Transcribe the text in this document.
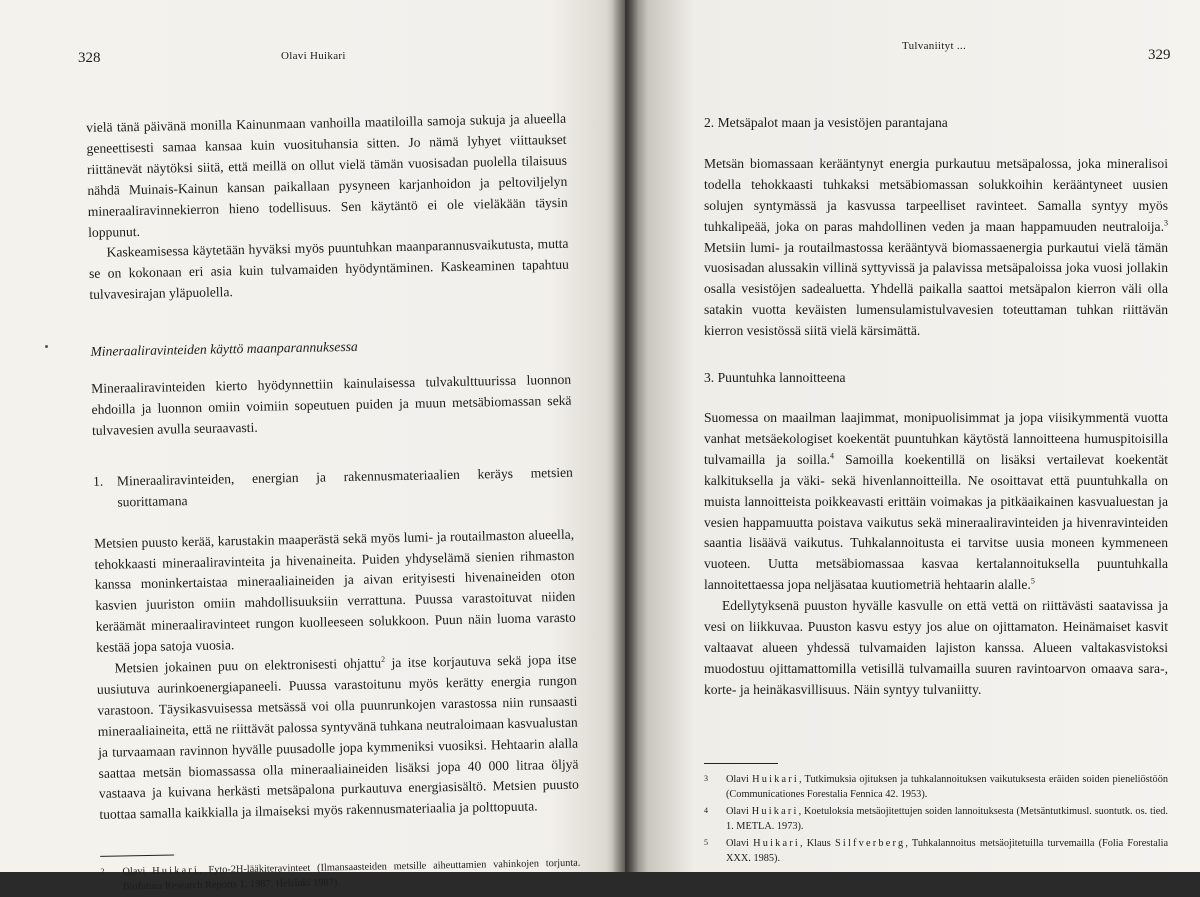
328	Olavi Huikari

vielä tänä päivänä monilla Kainunmaan vanhoilla maatiloilla samoja sukuja ja alueella geneettisesti samaa kansaa kuin vuosituhansia sitten. Jo nämä lyhyet viittaukset riittänevät näytöksi siitä, että meillä on ollut vielä tämän vuosisadan puolella tilaisuus nähdä Muinais-Kainun kansan paikallaan pysyneen karjanhoidon ja peltoviljelyn mineraaliravinnekierron hieno todellisuus. Sen käytäntö ei ole vieläkään täysin loppunut.

Kaskeamisessa käytetään hyväksi myös puuntuhkan maanparannusvaikutusta, mutta se on kokonaan eri asia kuin tulvamaiden hyödyntäminen. Kaskeaminen tapahtuu tulvavesirajan yläpuolella.

Mineraaliravinteiden käyttö maanparannuksessa

Mineraaliravinteiden kierto hyödynnettiin kainulaisessa tulvakulttuurissa luonnon ehdoilla ja luonnon omiin voimiin sopeutuen puiden ja muun metsäbiomassan sekä tulvavesien avulla seuraavasti.

1. Mineraaliravinteiden, energian ja rakennusmateriaalien keräys metsien suorittamana

Metsien puusto kerää, karustakin maaperästä sekä myös lumi- ja routailmaston alueella, tehokkaasti mineraaliravinteita ja hivenaineita. Puiden yhdyselämä sienien rihmaston kanssa moninkertaistaa mineraaliaineiden ja aivan erityisesti hivenaineiden oton kasvien juuriston omiin mahdollisuuksiin verrattuna. Puussa varastoituvat niiden keräämät mineraaliravinteet rungon kuolleeseen solukkoon. Puun näin luoma varasto kestää jopa satoja vuosia.

Metsien jokainen puu on elektronisesti ohjattu$^2$ ja itse korjautuva sekä jopa itse uusiutuva aurinkoenergiapaneeli. Puussa varastoitunu myös kerätty energia rungon varastoon. Täysikasvuisessa metsässä voi olla puunrunkojen varastossa niin runsaasti mineraaliaineita, että ne riittävät palossa syntyvänä tuhkana neutraloimaan kasvualustan ja turvaamaan ravinnon hyvälle puusadolle jopa kymmeniksi vuosiksi. Hehtaarin alalla saattaa metsän biomassassa olla mineraaliaineiden lisäksi jopa 40 000 litraa öljyä vastaava ja kuivana herkästi metsäpalona purkautuva energiasisältö. Metsien puusto tuottaa samalla kaikkialla ja ilmaiseksi myös rakennusmateriaalia ja polttopuuta.

2	Olavi Huikari, Fyto-2H-lääkiteravinteet (Ilmansaasteiden metsille aiheuttamien vahinkojen torjunta. Biofutura Research Reports 1, 1987. Helsinki 1987).
Tulvaniityt ...
329

2. Metsäpalot maan ja vesistöjen parantajana

Metsän biomassaan kerääntynyt energia purkautuu metsäpalossa, joka mineralisoi todella tehokkaasti tuhkaksi metsäbiomassan solukkoihin kerääntyneet uusien solujen syntymässä ja kasvussa tarpeelliset ravinteet. Samalla syntyy myös tuhkalipeää, joka on paras mahdollinen veden ja maan happamuuden neutraloija.$^3$ Metsiin lumi- ja routailmastossa kerääntyvä biomassaenergia purkautui vielä tämän vuosisadan alussakin villinä syttyvissä ja palavissa metsäpaloissa joka vuosi jollakin osalla vesistöjen sadealuetta. Yhdellä paikalla saattoi metsäpalon kierron väli olla satakin vuotta keväisten lumensulamistulvavesien toteuttaman tuhkan riittävän kierron vesistössä siitä vielä kärsimättä.

3. Puuntuhka lannoitteena

Suomessa on maailman laajimmat, monipuolisimmat ja jopa viisikymmentä vuotta vanhat metsäekologiset koekentät puuntuhkan käytöstä lannoitteena humuspitoisilla tulvamailla ja soilla.$^4$ Samoilla koekentillä on lisäksi vertailevat koekentät kalkituksella ja väki- sekä hivenlannoitteilla. Ne osoittavat että puuntuhkalla on muista lannoitteista poikkeavasti erittäin voimakas ja pitkäaikainen kasvualuestan ja vesien happamuutta poistava vaikutus sekä mineraaliravinteiden ja hivenravinteiden saantia lisäävä vaikutus. Tuhkalannoitusta ei tarvitse uusia moneen kymmeneen vuoteen. Uutta metsäbiomassaa kasvaa kertalannoituksella puuntuhkalla lannoitettaessa jopa neljäsataa kuutiometriä hehtaarin alalle.$^5$

Edellytyksenä puuston hyvälle kasvulle on että vettä on riittävästi saatavissa ja vesi on liikkuvaa. Puuston kasvu estyy jos alue on ojittamaton. Heinämaiset kasvit valtaavat alueen yhdessä tulvamaiden lajiston kanssa. Alueen valtakasvistoksi muodostuu ojittamattomilla vetisillä tulvamailla suuren ravintoarvon omaava sara-, korte- ja heinäkasvillisuus. Näin syntyy tulvaniitty.

3	Olavi Huikari, Tutkimuksia ojituksen ja tuhkalannoituksen vaikutuksesta eräiden soiden pieneliöstöön (Communicationes Forestalia Fennica 42. 1953).
4	Olavi Huikari, Koetuloksia metsäojitettujen soiden lannoituksesta (Metsäntutkimusl. suontutk. os. tied. 1. METLA. 1973).
5	Olavi Huikari, Klaus Silfverberg, Tuhkalannoitus metsäojitetuilla turvemailla (Folia Forestalia XXX. 1985).
